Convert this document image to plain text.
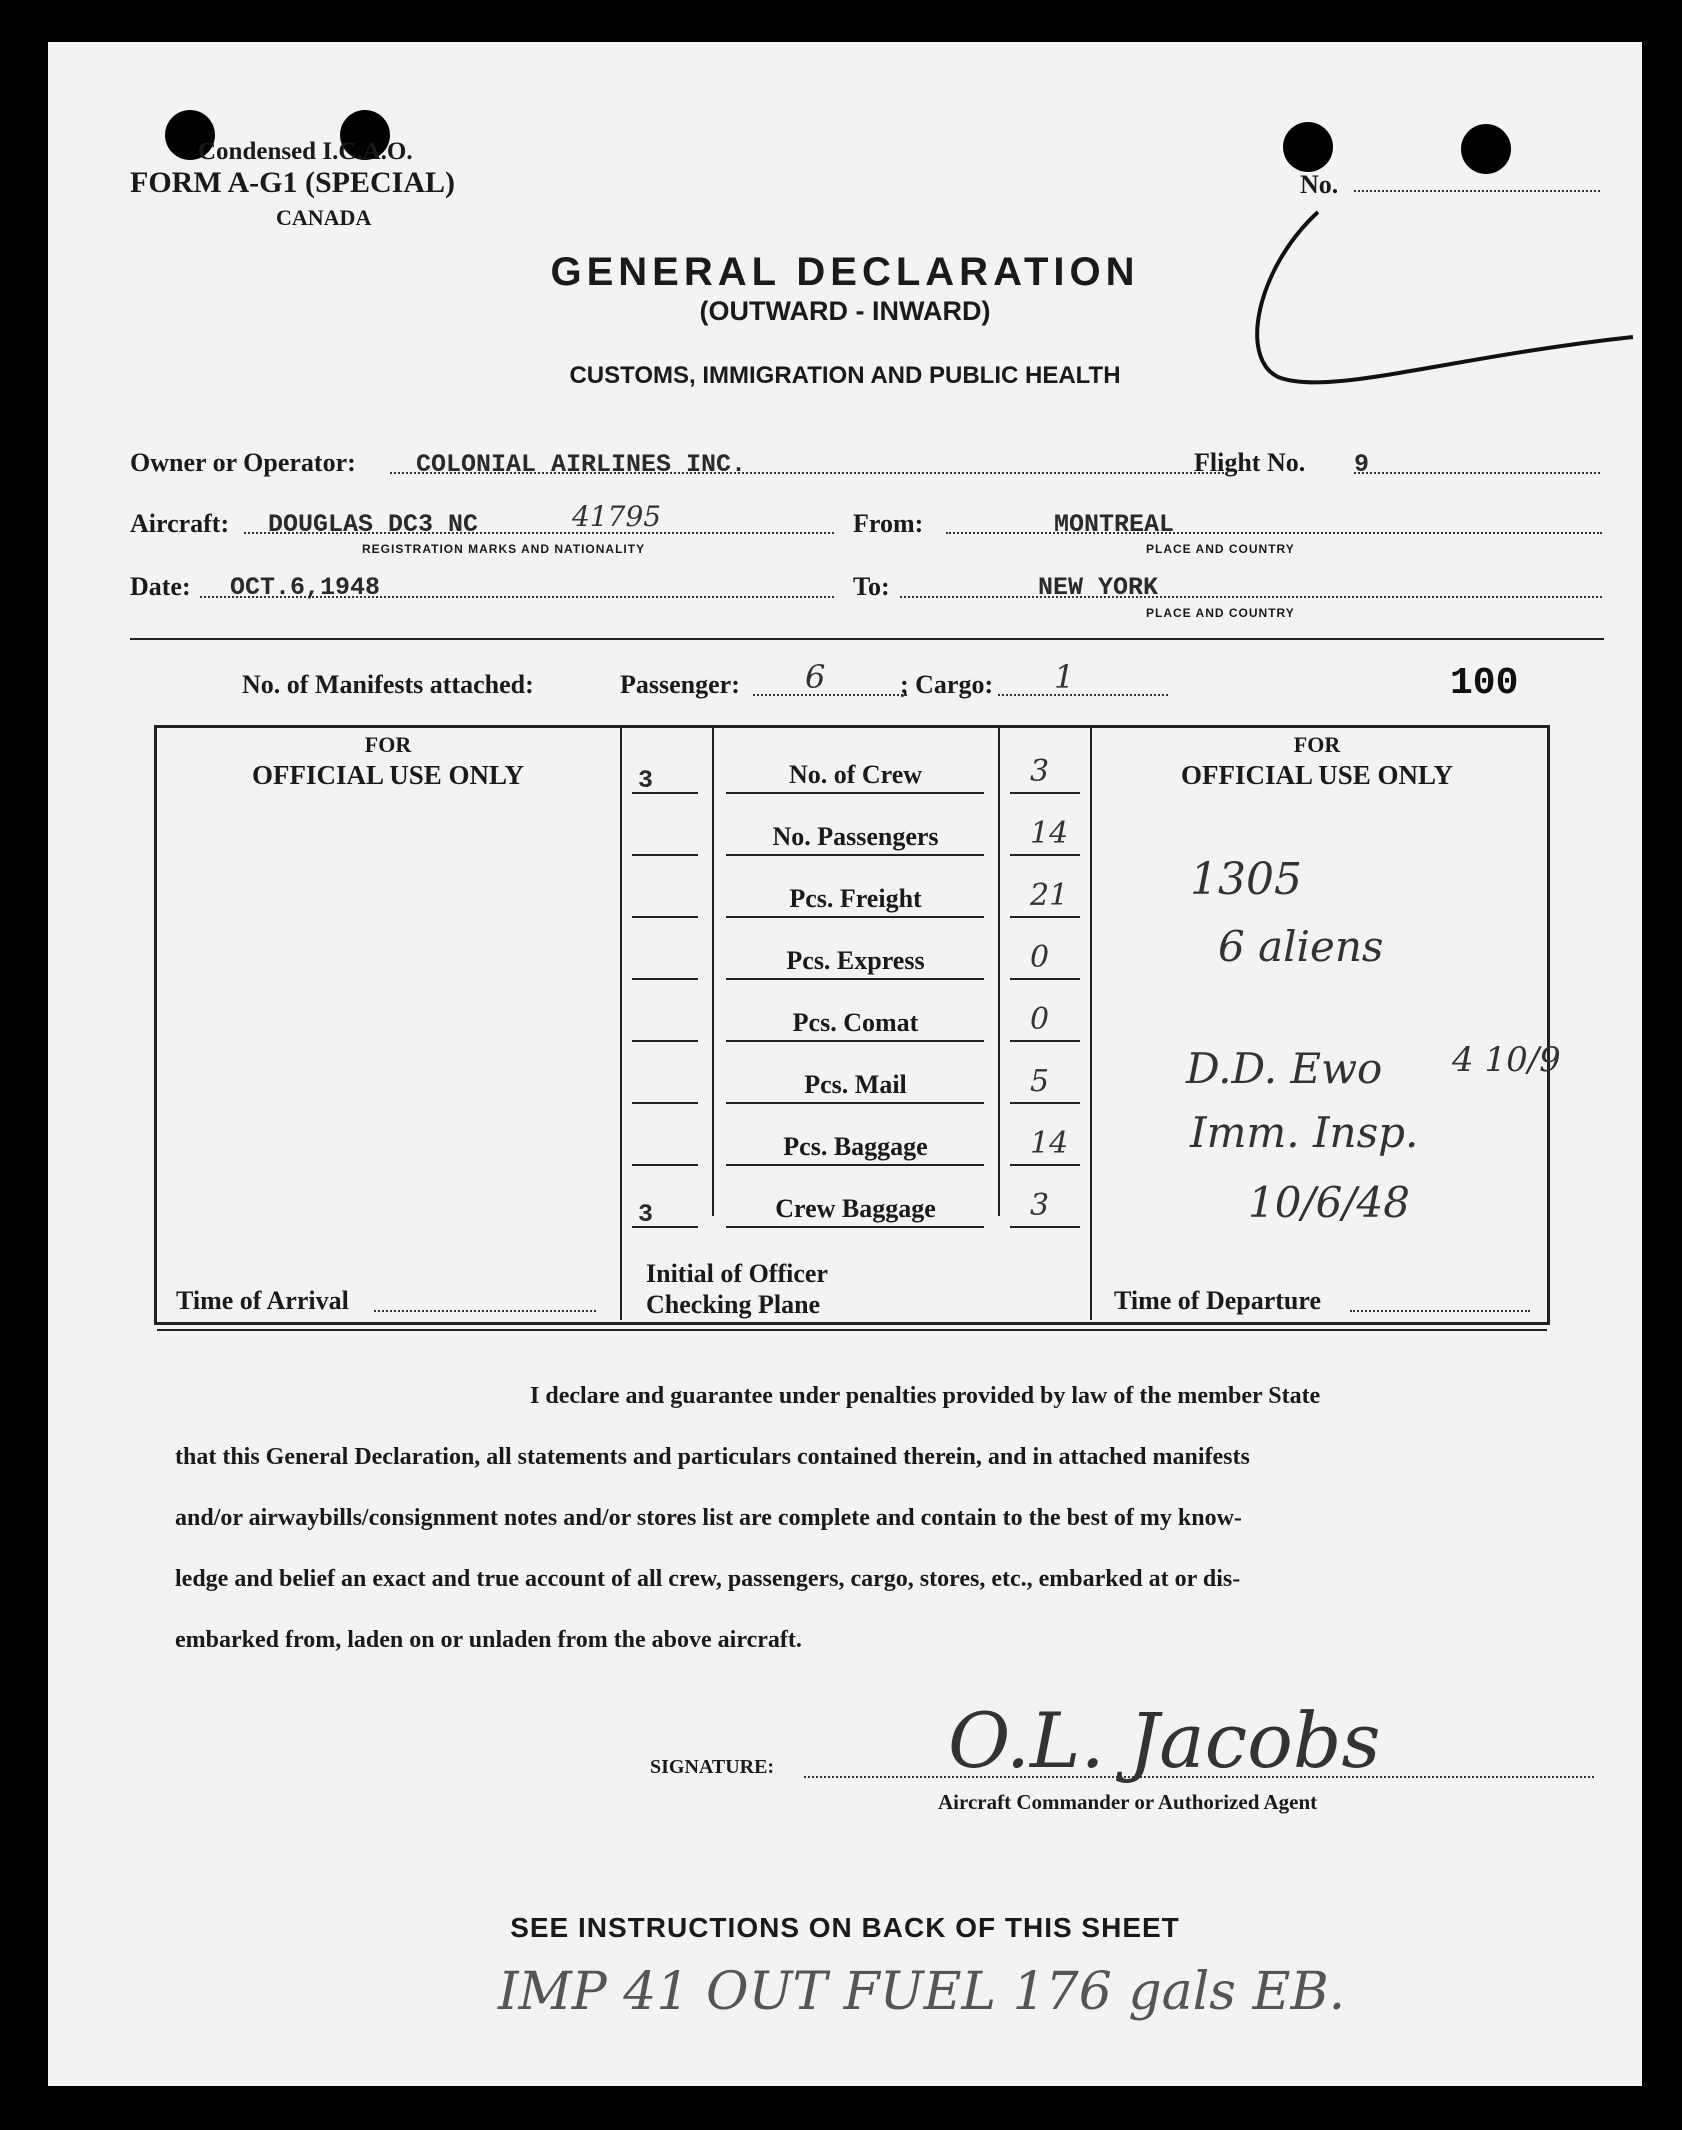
Condensed I.C.A.O.
FORM A-G1 (SPECIAL)
CANADA
No.
GENERAL DECLARATION
(OUTWARD - INWARD)
CUSTOMS, IMMIGRATION AND PUBLIC HEALTH
Owner or Operator: COLONIAL AIRLINES INC.	Flight No. 9
Aircraft: DOUGLAS DC3 NC	41795
REGISTRATION MARKS AND NATIONALITY
From:	MONTREAL
PLACE AND COUNTRY
Date: OCT.6,1948	To:	NEW YORK
PLACE AND COUNTRY
No. of Manifests attached:	Passenger: 6	; Cargo: 1	100
FOR
OFFICIAL USE ONLY
FOR
OFFICIAL USE ONLY
3	No. of Crew	3
No. Passengers	14
Pcs. Freight	21
Pcs. Express	0
Pcs. Comat	0
Pcs. Mail	5
Pcs. Baggage	14
3	Crew Baggage	3
Initial of Officer
Checking Plane
Time of Arrival	Time of Departure
1305
6 aliens
D.D. Ewo 4 10/9
Imm. Insp.
10/6/48
I declare and guarantee under penalties provided by law of the member State
that this General Declaration, all statements and particulars contained therein, and in attached manifests
and/or airwaybills/consignment notes and/or stores list are complete and contain to the best of my know-
ledge and belief an exact and true account of all crew, passengers, cargo, stores, etc., embarked at or dis-
embarked from, laden on or unladen from the above aircraft.
SIGNATURE: O.L. Jacobs
Aircraft Commander or Authorized Agent
SEE INSTRUCTIONS ON BACK OF THIS SHEET
IMP 41 OUT FUEL 176 gals EB.
